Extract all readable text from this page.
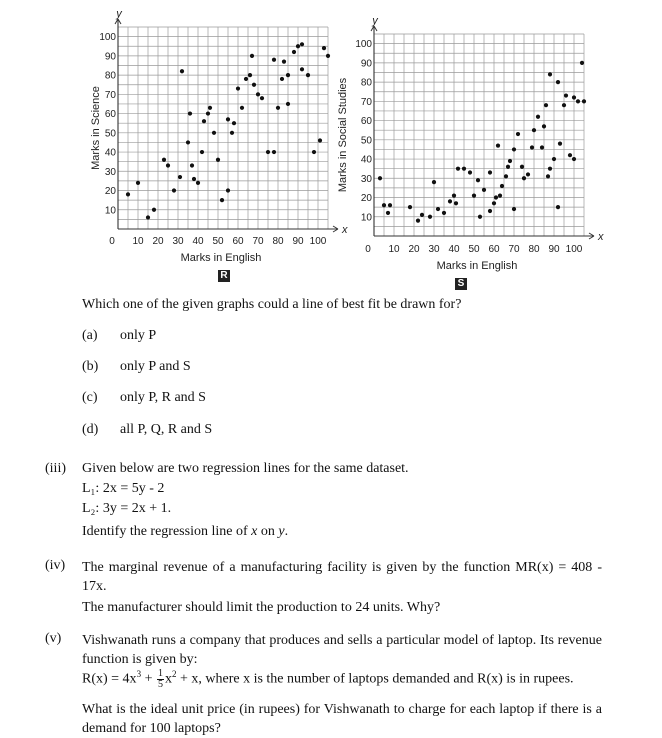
y
x
10 20 30 40 50 60 70 80 90 100
0
10
20
30
40
50
60
70
80
90
100
Marks in English
Marks in Science
R
y
x
10 20 30 40 50 60 70 80 90 100
0
10
20
30
40
50
60
70
80
90
100
Marks in English
Marks in Social Studies
S
Which one of the given graphs could a line of best fit be drawn for?
(a) only P
(b) only P and S
(c) only P, R and S
(d) all P, Q, R and S
(iii) Given below are two regression lines for the same dataset.
L₁: 2x = 5y - 2
L₂: 3y = 2x + 1.
Identify the regression line of x on y.
(iv) The marginal revenue of a manufacturing facility is given by the function MR(x) = 408 - 17x.
The manufacturer should limit the production to 24 units. Why?
(v) Vishwanath runs a company that produces and sells a particular model of laptop. Its revenue function is given by:
$R(x) = 4x^3 + \frac{1}{5} x^2 + x$, where x is the number of laptops demanded and R(x) is in rupees.
What is the ideal unit price (in rupees) for Vishwanath to charge for each laptop if there is a demand for 100 laptops?
